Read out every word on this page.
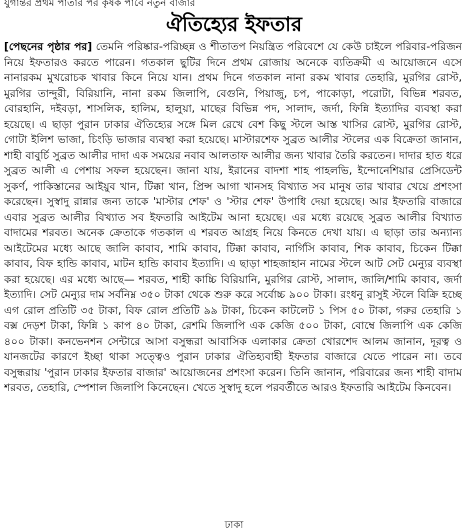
যুগান্তর প্রথম পাতার পর কৃষক পাবে নতুন বাজার
ঐতিহ্যের ইফতার
[পেছনের পৃষ্ঠার পর] তেমনি পরিষ্কার-পরিচ্ছন্ন ও শীতাতপ নিয়ন্ত্রিত পরিবেশে যে কেউ চাইলে পরিবার-পরিজন নিয়ে ইফতারও করতে পারেন। গতকাল ছুটির দিনে প্রথম রোজায় অনেকে ব্যতিক্রমী এ আয়োজনে এসে নানারকম মুখরোচক খাবার কিনে নিয়ে যান। প্রথম দিনে গতকাল নানা রকম খাবার তেহারি, মুরগির রোস্ট, মুরগির তান্দুরী, বিরিয়ানি, নানা রকম জিলাপি, বেগুনি, পিয়াজু, চপ, পাকোড়া, পরোটা, বিভিন্ন শরবত, বোরহানি, দইবড়া, শাসলিক, হালিম, হালুয়া, মাছের বিভিন্ন পদ, সালাদ, জর্দা, ফিন্নি ইত্যাদির ব্যবস্থা করা হয়েছে। এ ছাড়া পুরান ঢাকার ঐতিহ্যের সঙ্গে মিল রেখে বেশ কিছু স্টলে আস্ত খাসির রোস্ট, মুরগির রোস্ট, গোটা ইলিশ ভাজা, চিংড়ি ভাজার ব্যবস্থা করা হয়েছে। মাস্টারশেফ সুব্রত আলীর স্টলের এক বিক্রেতা জানান, শাহী বাবুর্চি সুব্রত আলীর দাদা এক সময়ের নবাব আলতাফ আলীর জন্য খাবার তৈরি করতেন। দাদার হাত ধরে সুব্রত আলী এ পেশায় সফল হয়েছেন। জানা যায়, ইরানের বাদশা শাহ পাহলভি, ইন্দোনেশিয়ার প্রেসিডেন্ট সুকর্ণ, পাকিস্তানের আইয়ুব খান, টিক্কা খান, প্রিন্স আগা খানসহ বিখ্যাত সব মানুষ তার খাবার খেয়ে প্রশংসা করেছেন। সুস্বাদু রান্নার জন্য তাকে 'মাস্টার শেফ' ও 'স্টার শেফ' উপাধি দেয়া হয়েছে। আর ইফতারি বাজারে এবার সুব্রত আলীর বিখ্যাত সব ইফতারি আইটেম আনা হয়েছে। এর মধ্যে রয়েছে সুব্রত আলীর বিখ্যাত বাদামের শরবত। অনেক ক্রেতাকে গতকাল এ শরবত আগ্রহ নিয়ে কিনতে দেখা যায়। এ ছাড়া তার অন্যান্য আইটেমের মধ্যে আছে জালি কাবাব, শামি কাবাব, টিক্কা কাবাব, নার্গিসি কাবাব, শিক কাবাব, চিকেন টিক্কা কাবাব, বিফ হান্ডি কাবাব, মাটন হান্ডি কাবাব ইত্যাদি। এ ছাড়া শাহজাহান নামের স্টলে আট সেট মেন্যুর ব্যবস্থা করা হয়েছে। এর মধ্যে আছে— শরবত, শাহী কাচ্চি বিরিয়ানি, মুরগির রোস্ট, সালাদ, জালি/শামি কাবাব, জর্দা ইত্যাদি। সেট মেন্যুর দাম সর্বনিম্ন ৩৫০ টাকা থেকে শুরু করে সর্বোচ্চ ৯০০ টাকা। রংধনু রাসুই স্টলে বিক্রি হচ্ছে এগ রোল প্রতিটি ৩৫ টাকা, বিফ রোল প্রতিটি ৯৯ টাকা, চিকেন কাটলেট ১ পিস ৫০ টাকা, গরুর তেহারি ১ বক্স দেড়শ টাকা, ফিন্নি ১ কাপ ৪০ টাকা, রেশমি জিলাপি এক কেজি ৫০০ টাকা, বোম্বে জিলাপি এক কেজি ৪০০ টাকা। কনভেনশন সেন্টারে আসা বসুন্ধরা আবাসিক এলাকার ক্রেতা খোরশেদ আলম জানান, দূরত্ব ও যানজটের কারণে ইচ্ছা থাকা সত্ত্বেও পুরান ঢাকার ঐতিহ্যবাহী ইফতার বাজারে যেতে পারেন না। তবে বসুন্ধরায় 'পুরান ঢাকার ইফতার বাজার' আয়োজনের প্রশংসা করেন। তিনি জানান, পরিবারের জন্য শাহী বাদাম শরবত, তেহারি, স্পেশাল জিলাপি কিনেছেন। খেতে সুস্বাদু হলে পরবর্তীতে আরও ইফতারি আইটেম কিনবেন।
ঢাকা
